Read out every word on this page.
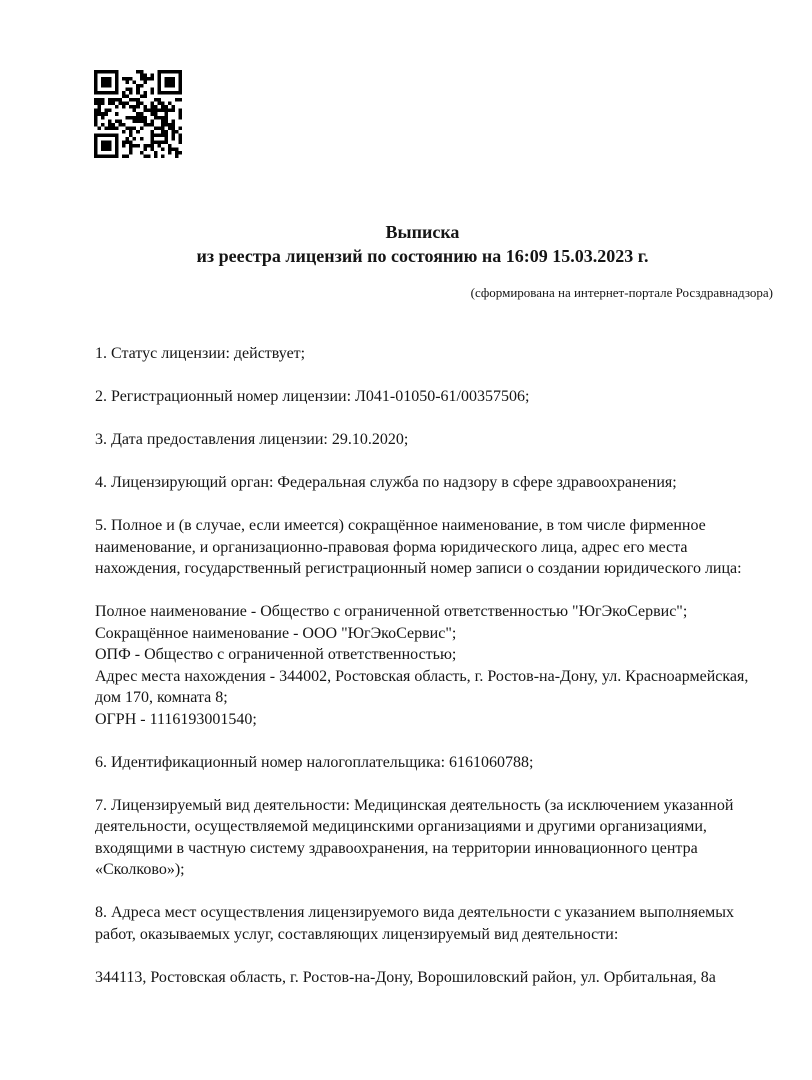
Выписка

из реестра лицензий по состоянию на 16:09 15.03.2023 г.

(сформирована на интернет-портале Росздравнадзора)

1. Статус лицензии: действует;

2. Регистрационный номер лицензии: Л041-01050-61/00357506;

3. Дата предоставления лицензии: 29.10.2020;

4. Лицензирующий орган: Федеральная служба по надзору в сфере здравоохранения;

5. Полное и (в случае, если имеется) сокращённое наименование, в том числе фирменное наименование, и организационно-правовая форма юридического лица, адрес его места нахождения, государственный регистрационный номер записи о создании юридического лица:

Полное наименование - Общество с ограниченной ответственностью "ЮгЭкоСервис";
Сокращённое наименование - ООО "ЮгЭкоСервис";
ОПФ - Общество с ограниченной ответственностью;
Адрес места нахождения - 344002, Ростовская область, г. Ростов-на-Дону, ул. Красноармейская, дом 170, комната 8;
ОГРН - 1116193001540;

6. Идентификационный номер налогоплательщика: 6161060788;

7. Лицензируемый вид деятельности: Медицинская деятельность (за исключением указанной деятельности, осуществляемой медицинскими организациями и другими организациями, входящими в частную систему здравоохранения, на территории инновационного центра «Сколково»);

8. Адреса мест осуществления лицензируемого вида деятельности с указанием выполняемых работ, оказываемых услуг, составляющих лицензируемый вид деятельности:

344113, Ростовская область, г. Ростов-на-Дону, Ворошиловский район, ул. Орбитальная, 8а
